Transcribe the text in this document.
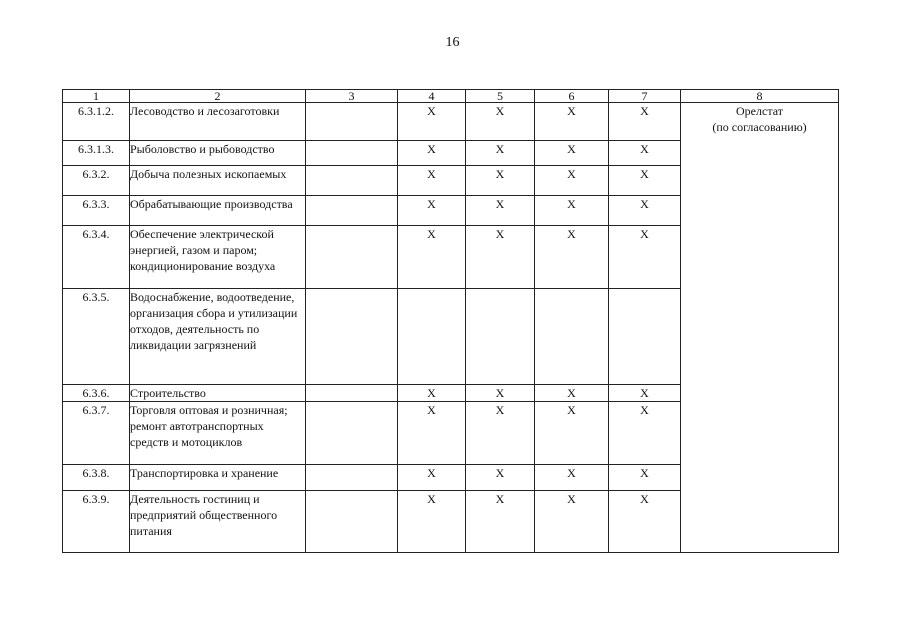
16
1	2	3	4	5	6	7	8
6.3.1.2.	Лесоводство и лесозаготовки		X	X	X	X	Орелстат
(по согласованию)

6.3.1.3.	Рыболовство и рыбоводство		X	X	X	X	
6.3.2.	Добыча полезных ископаемых		X	X	X	X	
6.3.3.	Обрабатывающие производства		X	X	X	X	
6.3.4.	Обеспечение электрической энергией, газом и паром; кондиционирование воздуха		X	X	X	X	
6.3.5.	Водоснабжение, водоотведение, организация сбора и утилизации отходов, деятельность по ликвидации загрязнений						
6.3.6.	Строительство		X	X	X	X	
6.3.7.	Торговля оптовая и розничная; ремонт автотранспортных средств и мотоциклов		X	X	X	X	
6.3.8.	Транспортировка и хранение		X	X	X	X	
6.3.9.	Деятельность гостиниц и предприятий общественного питания		X	X	X	X	
